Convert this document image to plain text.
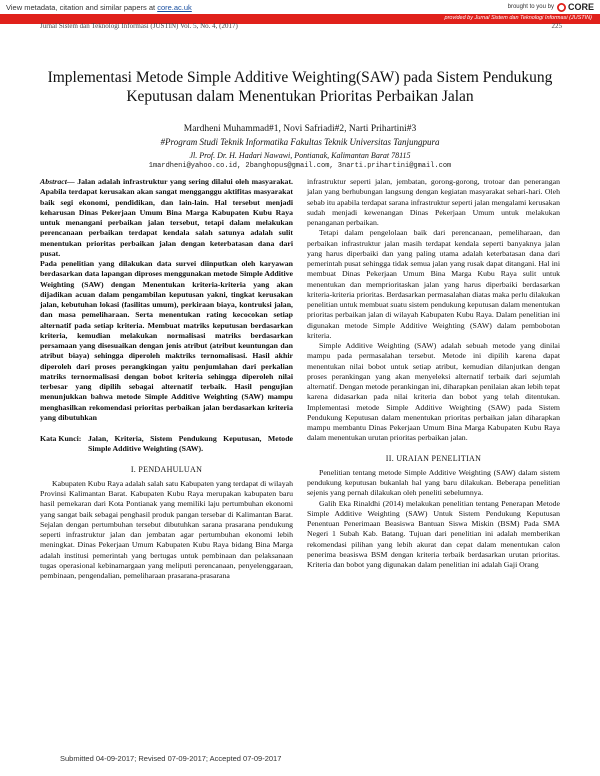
View metadata, citation and similar papers at core.ac.uk	brought to you by CORE
provided by Jurnal Sistem dan Teknologi Informasi (JUSTIN)
Jurnal Sistem dan Teknologi Informasi (JUSTIN) Vol. 5, No. 4, (2017)	225
Implementasi Metode Simple Additive Weighting(SAW) pada Sistem Pendukung Keputusan dalam Menentukan Prioritas Perbaikan Jalan
Mardheni Muhammad#1, Novi Safriadi#2, Narti Prihartini#3
#Program Studi Teknik Informatika Fakultas Teknik Universitas Tanjungpura
Jl. Prof. Dr. H. Hadari Nawawi, Pontianak, Kalimantan Barat 78115
1mardheni@yahoo.co.id, 2banghopus@gmail.com, 3narti.prihartini@gmail.com

Abstract— Jalan adalah infrastruktur yang sering dilalui oleh masyarakat. Apabila terdapat kerusakan akan sangat mengganggu aktifitas masyarakat baik segi ekonomi, pendidikan, dan lain-lain. Hal tersebut menjadi keharusan Dinas Pekerjaan Umum Bina Marga Kabupaten Kubu Raya untuk menangani perbaikan jalan tersebut, tetapi dalam melakukan perencanaan perbaikan terdapat kendala salah satunya adalah sulit menentukan prioritas perbaikan jalan dengan keterbatasan dana dari pusat.

Pada penelitian yang dilakukan data survei diinputkan oleh karyawan berdasarkan data lapangan diproses menggunakan metode Simple Additive Weighting (SAW) dengan Menentukan kriteria-kriteria yang akan dijadikan acuan dalam pengambilan keputusan yakni, tingkat kerusakan jalan, kebutuhan lokasi (fasilitas umum), perkiraan biaya, kontruksi jalan, dan masa pemeliharaan. Serta menentukan rating kecocokan setiap alternatif pada setiap kriteria. Membuat matriks keputusan berdasarkan kriteria, kemudian melakukan normalisasi matriks berdasarkan persamaan yang disesuaikan dengan jenis atribut (atribut keuntungan dan atribut biaya) sehingga diperoleh maktriks ternomalisasi. Hasil akhir diperoleh dari proses perangkingan yaitu penjumlahan dari perkalian matriks ternormalisasi dengan bobot kriteria sehingga diperoleh nilai terbesar yang dipilih sebagai alternatif terbaik. Hasil pengujian menunjukkan bahwa metode Simple Additive Weighting (SAW) mampu menghasilkan rekomendasi prioritas perbaikan jalan berdasarkan kriteria yang dibutuhkan

Kata Kunci: Jalan, Kriteria, Sistem Pendukung Keputusan, Metode Simple Additive Weighting (SAW).
I. PENDAHULUAN

Kabupaten Kubu Raya adalah salah satu Kabupaten yang terdapat di wilayah Provinsi Kalimantan Barat. Kabupaten Kubu Raya merupakan kabupaten baru hasil pemekaran dari Kota Pontianak yang memiliki laju pertumbuhan ekonomi yang sangat baik sebagai penghasil produk pangan tersebar di Kalimantan Barat. Sejalan dengan pertumbuhan tersebut dibutuhkan sarana prasarana pendukung seperti infrastruktur jalan dan jembatan agar pertumbuhan ekonomi lebih meningkat. Dinas Pekerjaan Umum Kabupaten Kubu Raya bidang Bina Marga adalah institusi pemerintah yang bertugas untuk pembinaan dan pelaksanaan tugas operasional kebinamargaan yang meliputi perencanaan, penyelenggaraan, pembinaan, pengendalian, pemeliharaan prasarana-prasarana

infrastruktur seperti jalan, jembatan, gorong-gorong, trotoar dan penerangan jalan yang berhubungan langsung dengan kegiatan masyarakat sehari-hari. Oleh sebab itu apabila terdapat sarana infrastruktur seperti jalan mengalami kerusakan sudah menjadi kewenangan Dinas Pekerjaan Umum untuk melakukan penanganan perbaikan.

Tetapi dalam pengelolaan baik dari perencanaan, pemeliharaan, dan perbaikan infrastruktur jalan masih terdapat kendala seperti banyaknya jalan yang harus diperbaiki dan yang paling utama adalah keterbatasan dana dari pemerintah pusat sehingga tidak semua jalan yang rusak dapat ditangani. Hal ini membuat Dinas Pekerjaan Umum Bina Marga Kubu Raya sulit untuk menentukan dan memprioritaskan jalan yang harus diperbaiki berdasarkan kriteria-kriteria prioritas. Berdasarkan permasalahan diatas maka perlu dilakukan penelitian untuk membuat suatu sistem pendukung keputusan dalam menentukan prioritas perbaikan jalan di wilayah Kabupaten Kubu Raya. Dalam penelitian ini digunakan metode Simple Additive Weighting (SAW) dalam pembobotan kriteria.

Simple Additive Weighting (SAW) adalah sebuah metode yang dinilai mampu pada permasalahan tersebut. Metode ini dipilih karena dapat menentukan nilai bobot untuk setiap atribut, kemudian dilanjutkan dengan proses perankingan yang akan menyeleksi alternatif terbaik dari sejumlah alternatif. Dengan metode perankingan ini, diharapkan penilaian akan lebih tepat karena didasarkan pada nilai kriteria dan bobot yang telah ditentukan. Implementasi metode Simple Additive Weighting (SAW) pada Sistem Pendukung Keputusan dalam menentukan prioritas perbaikan jalan diharapkan mampu membantu Dinas Pekerjaan Umum Bina Marga Kabupaten Kubu Raya dalam menentukan urutan prioritas perbaikan jalan.

II. URAIAN PENELITIAN

Penelitian tentang metode Simple Additive Weighting (SAW) dalam sistem pendukung keputusan bukanlah hal yang baru dilakukan. Beberapa penelitian sejenis yang pernah dilakukan oleh peneliti sebelumnya.

Galih Eka Rinaldhi (2014) melakukan penelitian tentang Penerapan Metode Simple Additive Weighting (SAW) Untuk Sistem Pendukung Keputusan Penentuan Penerimaan Beasiswa Bantuan Siswa Miskin (BSM) Pada SMA Negeri 1 Subah Kab. Batang. Tujuan dari penelitian ini adalah memberikan rekomendasi pilihan yang lebih akurat dan cepat dalam menentukan calon penerima beasiswa BSM dengan kriteria terbaik berdasarkan urutan prioritas. Kriteria dan bobot yang digunakan dalam penelitian ini adalah Gaji Orang

Submitted 04-09-2017; Revised 07-09-2017; Accepted 07-09-2017
